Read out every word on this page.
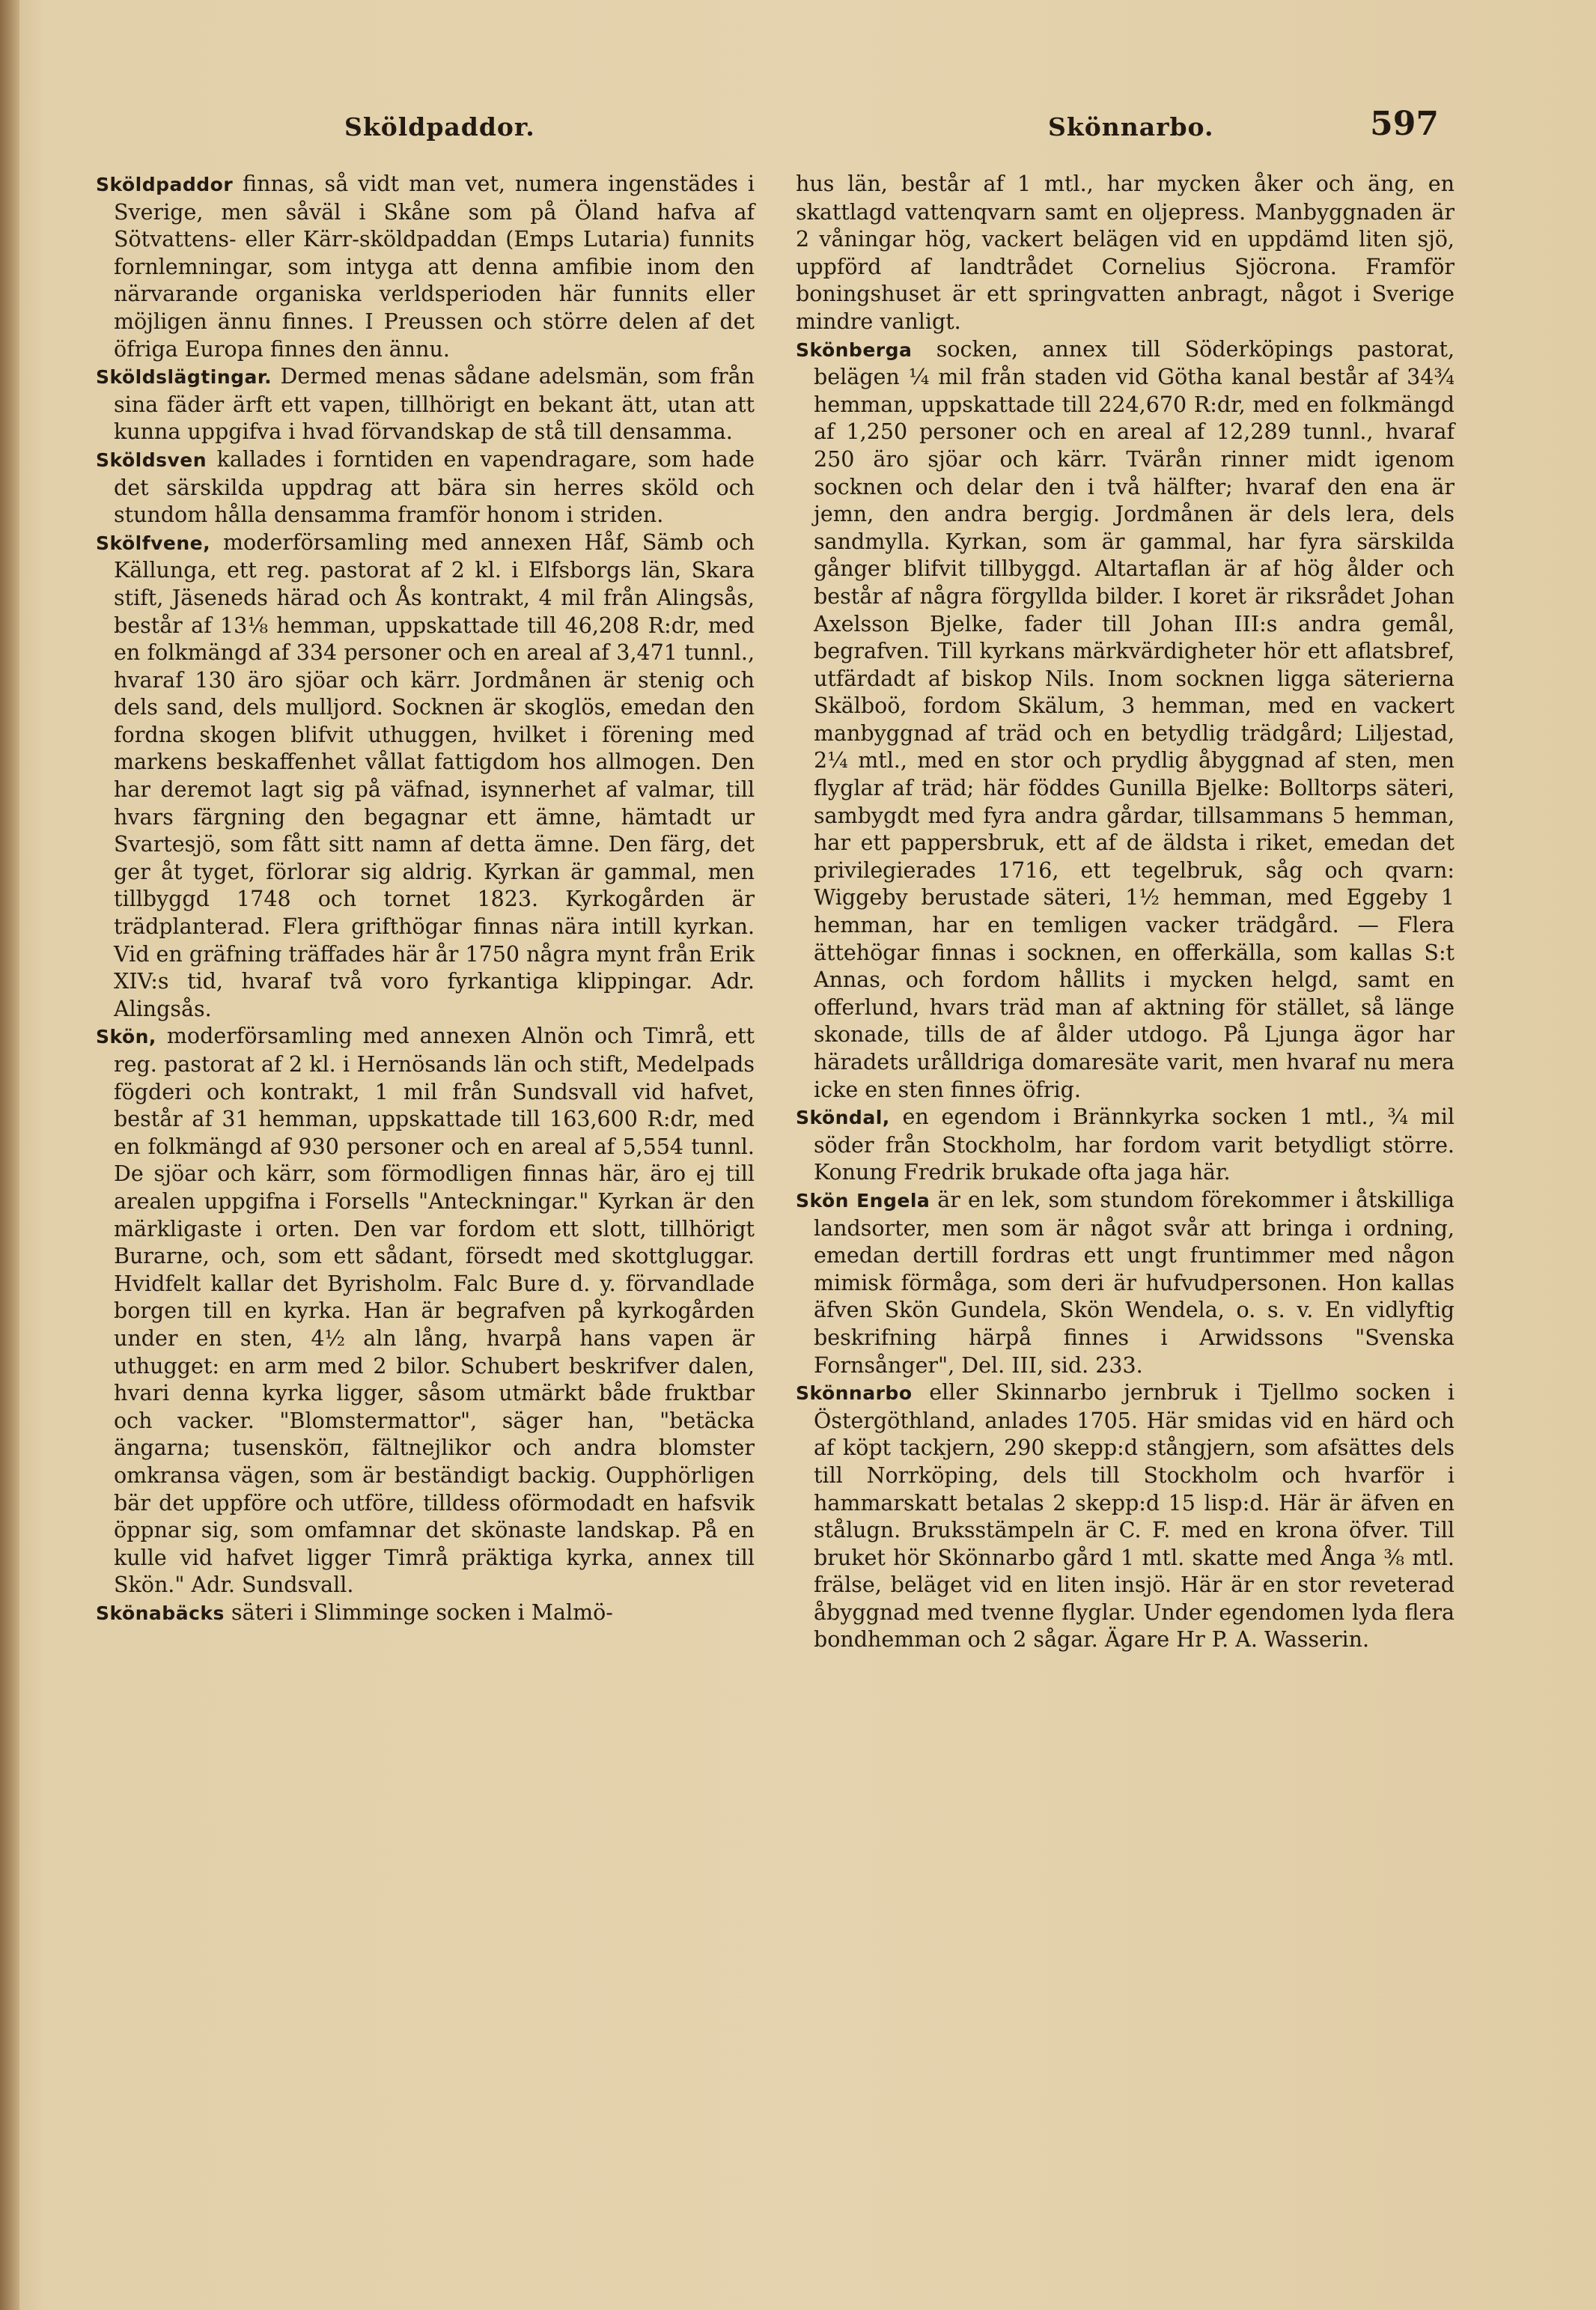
Sköldpaddor.	Skönnarbo.	597

Sköldpaddor finnas, så vidt man vet, numera ingenstädes i Sverige, men såväl i Skåne som på Öland hafva af Sötvattens- eller Kärr-sköldpaddan (Emps Lutaria) funnits fornlemningar, som intyga att denna amfibie inom den närvarande organiska verldsperioden här funnits eller möjligen ännu finnes. I Preussen och större delen af det öfriga Europa finnes den ännu.

Sköldslägtingar. Dermed menas sådane adelsmän, som från sina fäder ärft ett vapen, tillhörigt en bekant ätt, utan att kunna uppgifva i hvad förvandskap de stå till densamma.

Sköldsven kallades i forntiden en vapendragare, som hade det särskilda uppdrag att bära sin herres sköld och stundom hålla densamma framför honom i striden.

Skölfvene, moderförsamling med annexen Håf, Sämb och Källunga, ett reg. pastorat af 2 kl. i Elfsborgs län, Skara stift, Jäseneds härad och Ås kontrakt, 4 mil från Alingsås, består af 13⅛ hemman, uppskattade till 46,208 R:dr, med en folkmängd af 334 personer och en areal af 3,471 tunnl., hvaraf 130 äro sjöar och kärr. Jordmånen är stenig och dels sand, dels mulljord. Socknen är skoglös, emedan den fordna skogen blifvit uthuggen, hvilket i förening med markens beskaffenhet vållat fattigdom hos allmogen. Den har deremot lagt sig på väfnad, isynnerhet af valmar, till hvars färgning den begagnar ett ämne, hämtadt ur Svartesjö, som fått sitt namn af detta ämne. Den färg, det ger åt tyget, förlorar sig aldrig. Kyrkan är gammal, men tillbyggd 1748 och tornet 1823. Kyrkogården är trädplanterad. Flera grifthögar finnas nära intill kyrkan. Vid en gräfning träffades här år 1750 några mynt från Erik XIV:s tid, hvaraf två voro fyrkantiga klippingar. Adr. Alingsås.

Skön, moderförsamling med annexen Alnön och Timrå, ett reg. pastorat af 2 kl. i Hernösands län och stift, Medelpads fögderi och kontrakt, 1 mil från Sundsvall vid hafvet, består af 31 hemman, uppskattade till 163,600 R:dr, med en folkmängd af 930 personer och en areal af 5,554 tunnl. De sjöar och kärr, som förmodligen finnas här, äro ej till arealen uppgifna i Forsells "Anteckningar." Kyrkan är den märkligaste i orten. Den var fordom ett slott, tillhörigt Burarne, och, som ett sådant, försedt med skottgluggar. Hvidfelt kallar det Byrisholm. Falc Bure d. y. förvandlade borgen till en kyrka. Han är begrafven på kyrkogården under en sten, 4½ aln lång, hvarpå hans vapen är uthugget: en arm med 2 bilor. Schubert beskrifver dalen, hvari denna kyrka ligger, såsom utmärkt både fruktbar och vacker. "Blomstermattor", säger han, "betäcka ängarna; tusensköп, fältnejlikor och andra blomster omkransa vägen, som är beständigt backig. Oupphörligen bär det uppföre och utföre, tilldess oförmodadt en hafsvik öppnar sig, som omfamnar det skönaste landskap. På en kulle vid hafvet ligger Timrå präktiga kyrka, annex till Skön." Adr. Sundsvall.

Skönabäcks säteri i Slimminge socken i Malmö-

hus län, består af 1 mtl., har mycken åker och äng, en skattlagd vattenqvarn samt en oljepress. Manbyggnaden är 2 våningar hög, vackert belägen vid en uppdämd liten sjö, uppförd af landtrådet Cornelius Sjöcrona. Framför boningshuset är ett springvatten anbragt, något i Sverige mindre vanligt.

Skönberga socken, annex till Söderköpings pastorat, belägen ¼ mil från staden vid Götha kanal består af 34¾ hemman, uppskattade till 224,670 R:dr, med en folkmängd af 1,250 personer och en areal af 12,289 tunnl., hvaraf 250 äro sjöar och kärr. Tvärån rinner midt igenom socknen och delar den i två hälfter; hvaraf den ena är jemn, den andra bergig. Jordmånen är dels lera, dels sandmylla. Kyrkan, som är gammal, har fyra särskilda gånger blifvit tillbyggd. Altartaflan är af hög ålder och består af några förgyllda bilder. I koret är riksrådet Johan Axelsson Bjelke, fader till Johan III:s andra gemål, begrafven. Till kyrkans märkvärdigheter hör ett aflatsbref, utfärdadt af biskop Nils. Inom socknen ligga säterierna Skälboö, fordom Skälum, 3 hemman, med en vackert manbyggnad af träd och en betydlig trädgård; Liljestad, 2¼ mtl., med en stor och prydlig åbyggnad af sten, men flyglar af träd; här föddes Gunilla Bjelke: Bolltorps säteri, sambygdt med fyra andra gårdar, tillsammans 5 hemman, har ett pappersbruk, ett af de äldsta i riket, emedan det privilegierades 1716, ett tegelbruk, såg och qvarn: Wiggeby berustade säteri, 1½ hemman, med Eggeby 1 hemman, har en temligen vacker trädgård. — Flera ättehögar finnas i socknen, en offerkälla, som kallas S:t Annas, och fordom hållits i mycken helgd, samt en offerlund, hvars träd man af aktning för stället, så länge skonade, tills de af ålder utdogo. På Ljunga ägor har häradets urålldriga domaresäte varit, men hvaraf nu mera icke en sten finnes öfrig.

Sköndal, en egendom i Brännkyrka socken 1 mtl., ¾ mil söder från Stockholm, har fordom varit betydligt större. Konung Fredrik brukade ofta jaga här.

Skön Engela är en lek, som stundom förekommer i åtskilliga landsorter, men som är något svår att bringa i ordning, emedan dertill fordras ett ungt fruntimmer med någon mimisk förmåga, som deri är hufvudpersonen. Hon kallas äfven Skön Gundela, Skön Wendela, o. s. v. En vidlyftig beskrifning härpå finnes i Arwidssons "Svenska Fornsånger", Del. III, sid. 233.

Skönnarbo eller Skinnarbo jernbruk i Tjellmo socken i Östergöthland, anlades 1705. Här smidas vid en härd och af köpt tackjern, 290 skepp:d stångjern, som afsättes dels till Norrköping, dels till Stockholm och hvarför i hammarskatt betalas 2 skepp:d 15 lisp:d. Här är äfven en stålugn. Bruksstämpeln är C. F. med en krona öfver. Till bruket hör Skönnarbo gård 1 mtl. skatte med Ånga ⅜ mtl. frälse, beläget vid en liten insjö. Här är en stor reveterad åbyggnad med tvenne flyglar. Under egendomen lyda flera bondhemman och 2 sågar. Ägare Hr P. A. Wasserin.
